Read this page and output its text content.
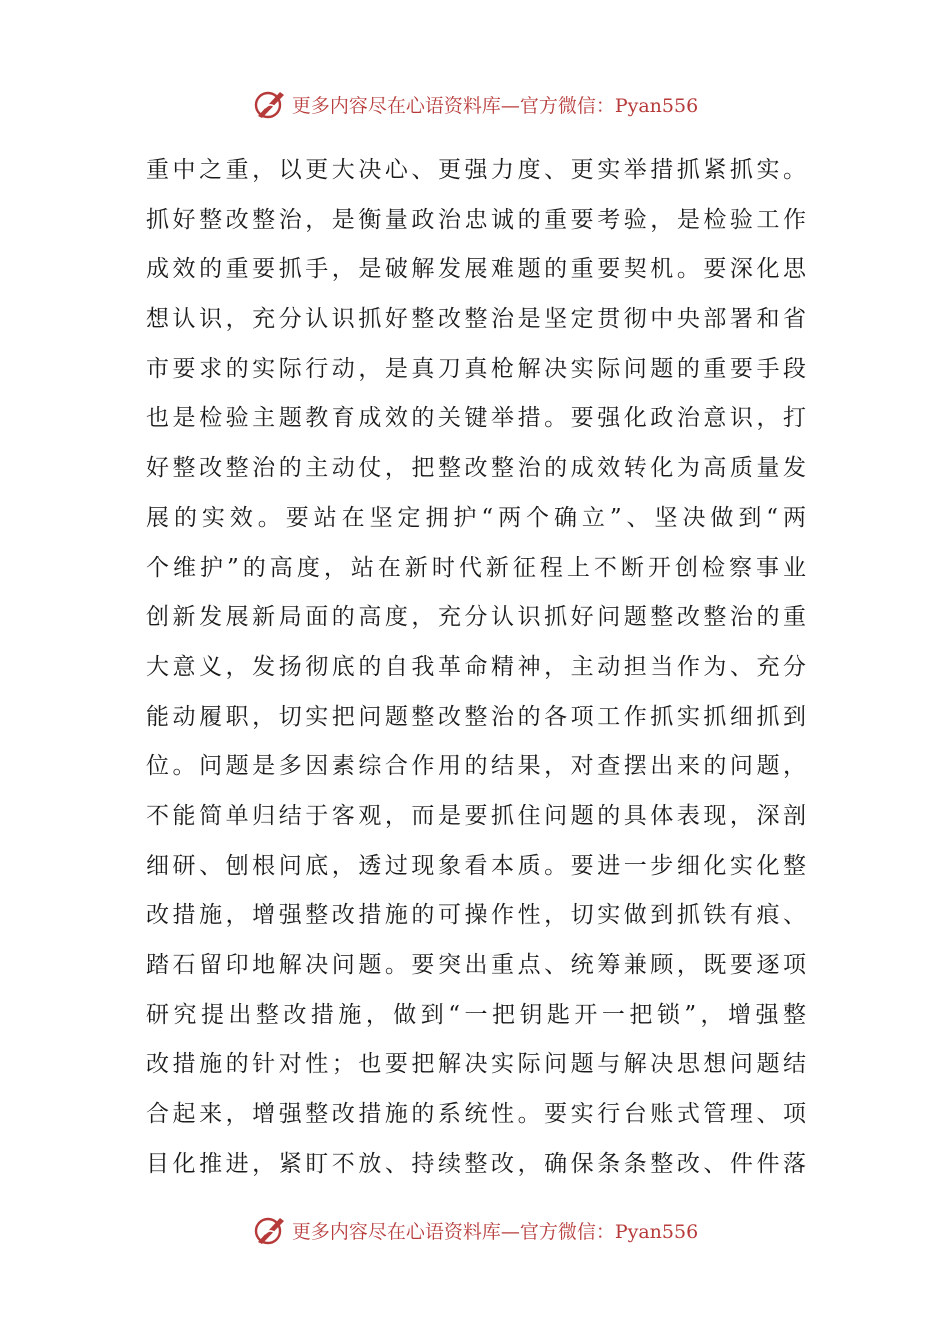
更多内容尽在心语资料库—官方微信：Pyan556
重中之重，以更大决心、更强力度、更实举措抓紧抓实。
抓好整改整治，是衡量政治忠诚的重要考验，是检验工作
成效的重要抓手，是破解发展难题的重要契机。要深化思
想认识，充分认识抓好整改整治是坚定贯彻中央部署和省
市要求的实际行动，是真刀真枪解决实际问题的重要手段
也是检验主题教育成效的关键举措。要强化政治意识，打
好整改整治的主动仗，把整改整治的成效转化为高质量发
展的实效。要站在坚定拥护“两个确立”、坚决做到“两
个维护”的高度，站在新时代新征程上不断开创检察事业
创新发展新局面的高度，充分认识抓好问题整改整治的重
大意义，发扬彻底的自我革命精神，主动担当作为、充分
能动履职，切实把问题整改整治的各项工作抓实抓细抓到
位。问题是多因素综合作用的结果，对查摆出来的问题，
不能简单归结于客观，而是要抓住问题的具体表现，深剖
细研、刨根问底，透过现象看本质。要进一步细化实化整
改措施，增强整改措施的可操作性，切实做到抓铁有痕、
踏石留印地解决问题。要突出重点、统筹兼顾，既要逐项
研究提出整改措施，做到“一把钥匙开一把锁”，增强整
改措施的针对性；也要把解决实际问题与解决思想问题结
合起来，增强整改措施的系统性。要实行台账式管理、项
目化推进，紧盯不放、持续整改，确保条条整改、件件落
更多内容尽在心语资料库—官方微信：Pyan556
